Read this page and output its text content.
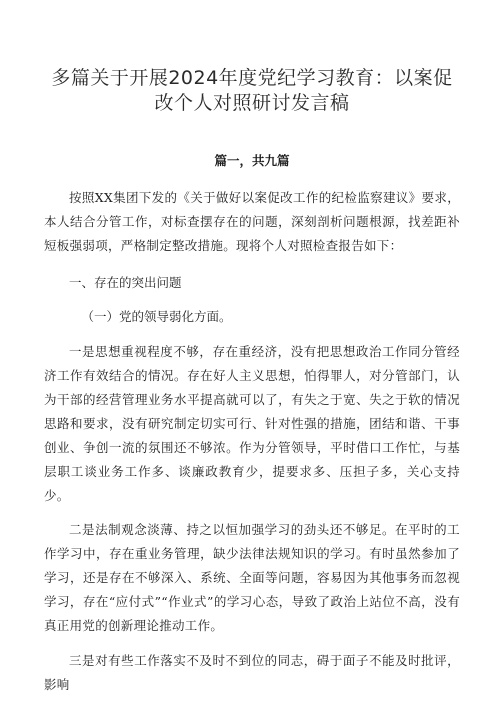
多篇关于开展2024年度党纪学习教育：以案促改个人对照研讨发言稿
篇一，共九篇

按照XX集团下发的《关于做好以案促改工作的纪检监察建议》要求，本人结合分管工作，对标查摆存在的问题，深刻剖析问题根源，找差距补短板强弱项，严格制定整改措施。现将个人对照检查报告如下：

一、存在的突出问题
（一）党的领导弱化方面。

一是思想重视程度不够，存在重经济，没有把思想政治工作同分管经济工作有效结合的情况。存在好人主义思想，怕得罪人，对分管部门，认为干部的经营管理业务水平提高就可以了，有失之于宽、失之于软的情况思路和要求，没有研究制定切实可行、针对性强的措施，团结和谐、干事创业、争创一流的氛围还不够浓。作为分管领导，平时借口工作忙，与基层职工谈业务工作多、谈廉政教育少，提要求多、压担子多，关心支持少。

二是法制观念淡薄、持之以恒加强学习的劲头还不够足。在平时的工作学习中，存在重业务管理，缺少法律法规知识的学习。有时虽然参加了学习，还是存在不够深入、系统、全面等问题，容易因为其他事务而忽视学习，存在“应付式”“作业式”的学习心态，导致了政治上站位不高，没有真正用党的创新理论推动工作。

三是对有些工作落实不及时不到位的同志，碍于面子不能及时批评，影响
